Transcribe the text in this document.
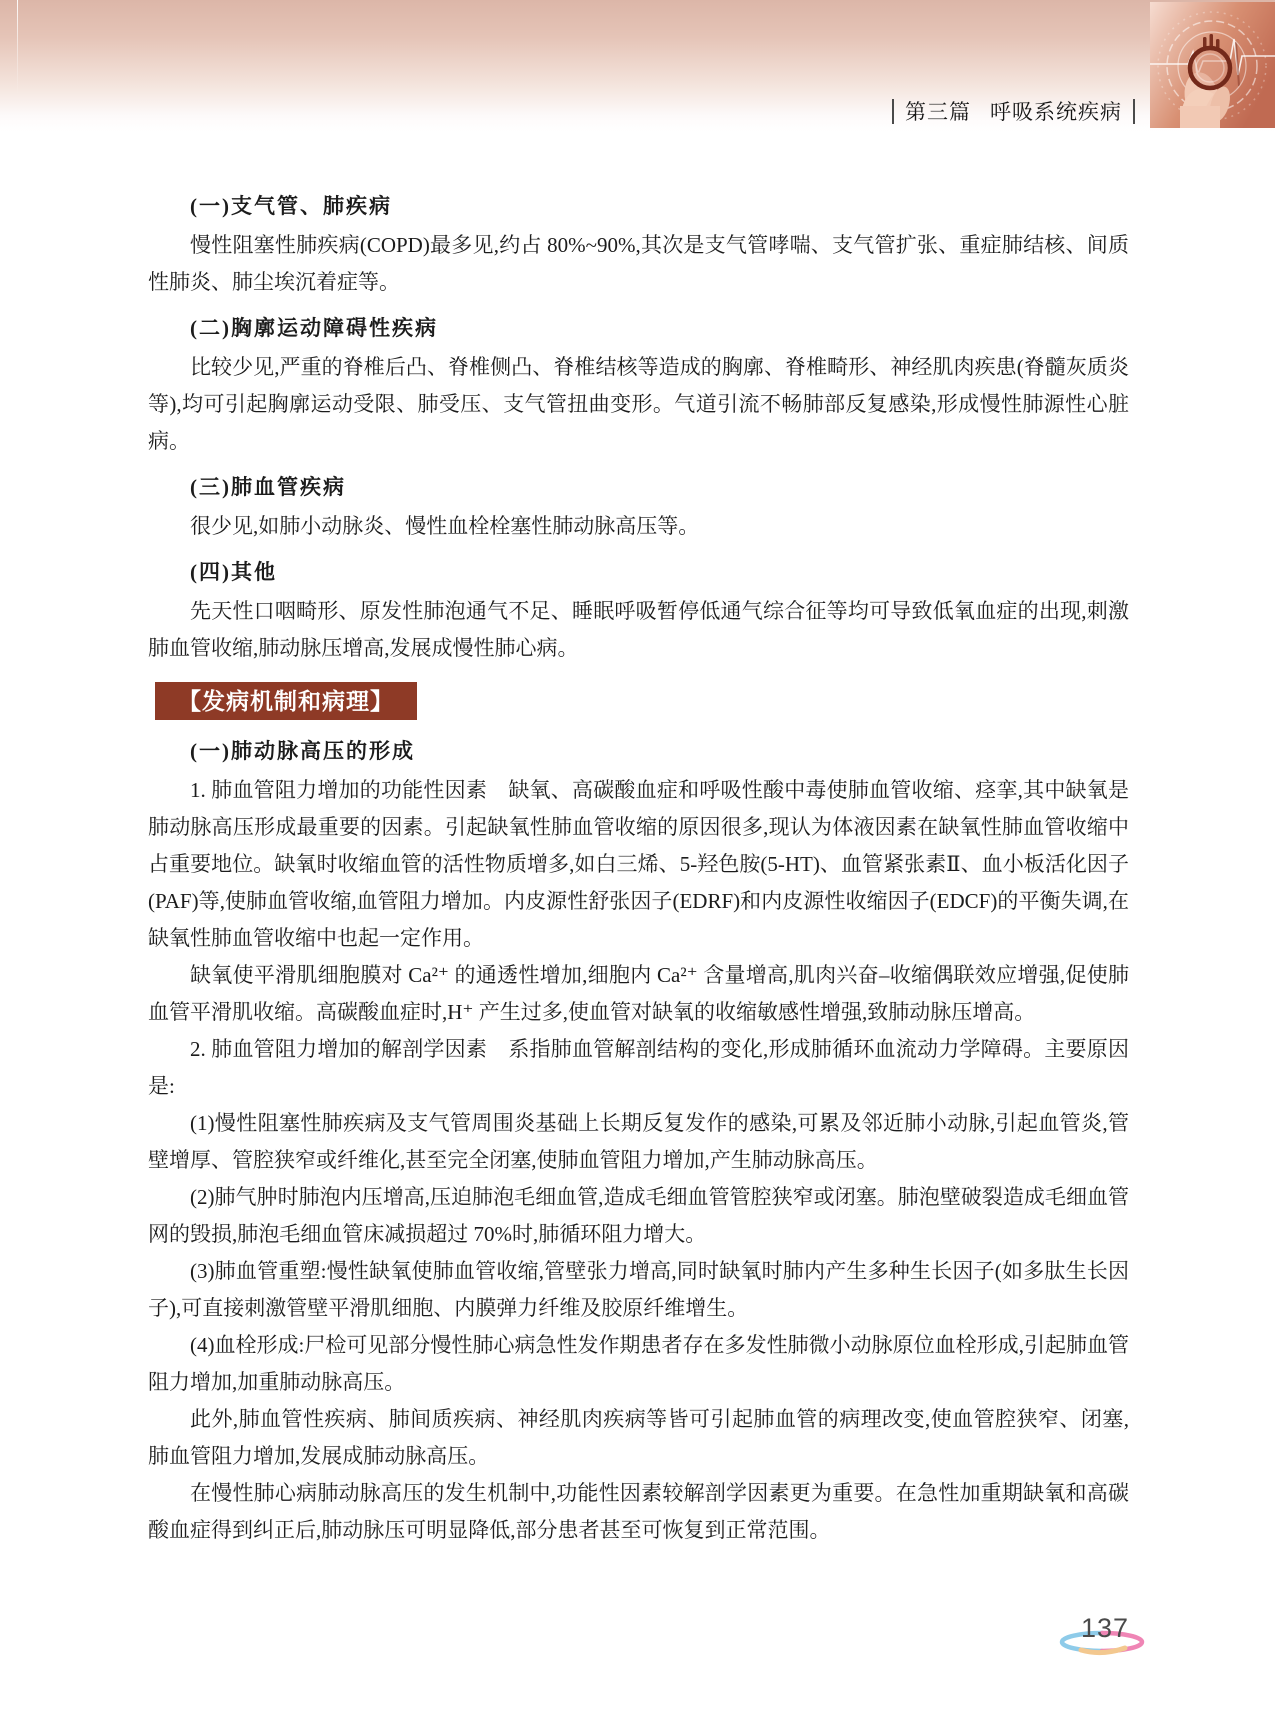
第三篇 呼吸系统疾病
(一)支气管、肺疾病

慢性阻塞性肺疾病(COPD)最多见,约占 80%~90%,其次是支气管哮喘、支气管扩张、重症肺结核、间质性肺炎、肺尘埃沉着症等。

(二)胸廓运动障碍性疾病

比较少见,严重的脊椎后凸、脊椎侧凸、脊椎结核等造成的胸廓、脊椎畸形、神经肌肉疾患(脊髓灰质炎等),均可引起胸廓运动受限、肺受压、支气管扭曲变形。气道引流不畅肺部反复感染,形成慢性肺源性心脏病。

(三)肺血管疾病

很少见,如肺小动脉炎、慢性血栓栓塞性肺动脉高压等。

(四)其他

先天性口咽畸形、原发性肺泡通气不足、睡眠呼吸暂停低通气综合征等均可导致低氧血症的出现,刺激肺血管收缩,肺动脉压增高,发展成慢性肺心病。

【发病机制和病理】
(一)肺动脉高压的形成

1. 肺血管阻力增加的功能性因素　缺氧、高碳酸血症和呼吸性酸中毒使肺血管收缩、痉挛,其中缺氧是肺动脉高压形成最重要的因素。引起缺氧性肺血管收缩的原因很多,现认为体液因素在缺氧性肺血管收缩中占重要地位。缺氧时收缩血管的活性物质增多,如白三烯、5-羟色胺(5-HT)、血管紧张素Ⅱ、血小板活化因子(PAF)等,使肺血管收缩,血管阻力增加。内皮源性舒张因子(EDRF)和内皮源性收缩因子(EDCF)的平衡失调,在缺氧性肺血管收缩中也起一定作用。

缺氧使平滑肌细胞膜对 Ca²⁺ 的通透性增加,细胞内 Ca²⁺ 含量增高,肌肉兴奋–收缩偶联效应增强,促使肺血管平滑肌收缩。高碳酸血症时,H⁺ 产生过多,使血管对缺氧的收缩敏感性增强,致肺动脉压增高。

2. 肺血管阻力增加的解剖学因素　系指肺血管解剖结构的变化,形成肺循环血流动力学障碍。主要原因是:

(1)慢性阻塞性肺疾病及支气管周围炎基础上长期反复发作的感染,可累及邻近肺小动脉,引起血管炎,管壁增厚、管腔狭窄或纤维化,甚至完全闭塞,使肺血管阻力增加,产生肺动脉高压。

(2)肺气肿时肺泡内压增高,压迫肺泡毛细血管,造成毛细血管管腔狭窄或闭塞。肺泡壁破裂造成毛细血管网的毁损,肺泡毛细血管床减损超过 70%时,肺循环阻力增大。

(3)肺血管重塑:慢性缺氧使肺血管收缩,管壁张力增高,同时缺氧时肺内产生多种生长因子(如多肽生长因子),可直接刺激管壁平滑肌细胞、内膜弹力纤维及胶原纤维增生。

(4)血栓形成:尸检可见部分慢性肺心病急性发作期患者存在多发性肺微小动脉原位血栓形成,引起肺血管阻力增加,加重肺动脉高压。

此外,肺血管性疾病、肺间质疾病、神经肌肉疾病等皆可引起肺血管的病理改变,使血管腔狭窄、闭塞,肺血管阻力增加,发展成肺动脉高压。

在慢性肺心病肺动脉高压的发生机制中,功能性因素较解剖学因素更为重要。在急性加重期缺氧和高碳酸血症得到纠正后,肺动脉压可明显降低,部分患者甚至可恢复到正常范围。

137
